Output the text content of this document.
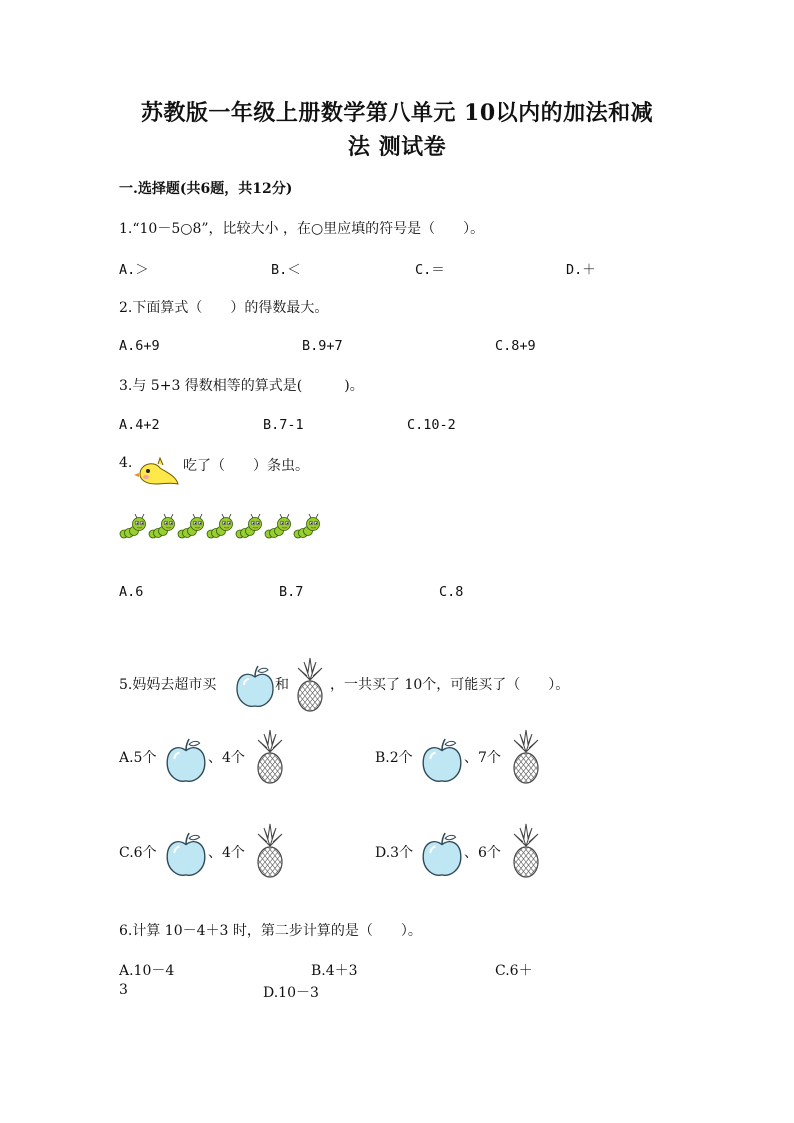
苏教版一年级上册数学第八单元 10以内的加法和减
法 测试卷
一.选择题(共6题，共12分)
1.“10－5○8”，比较大小 ，在○里应填的符号是（　　）。
A.＞	B.＜	C.＝	D.＋
2.下面算式（　　）的得数最大。
A.6+9	B.9+7	C.8+9
3.与 5+3 得数相等的算式是(　　　)。
A.4+2	B.7-1	C.10-2
4.	吃了（　　）条虫。
A.6	B.7	C.8
5.妈妈去超市买	和	，一共买了 10个，可能买了（　　）。
A.5个	、4个	B.2个	、7个
C.6个	、4个	D.3个	、6个
6.计算 10－4＋3 时，第二步计算的是（　　）。
A.10－4	B.4＋3	C.6＋
3	D.10－3
